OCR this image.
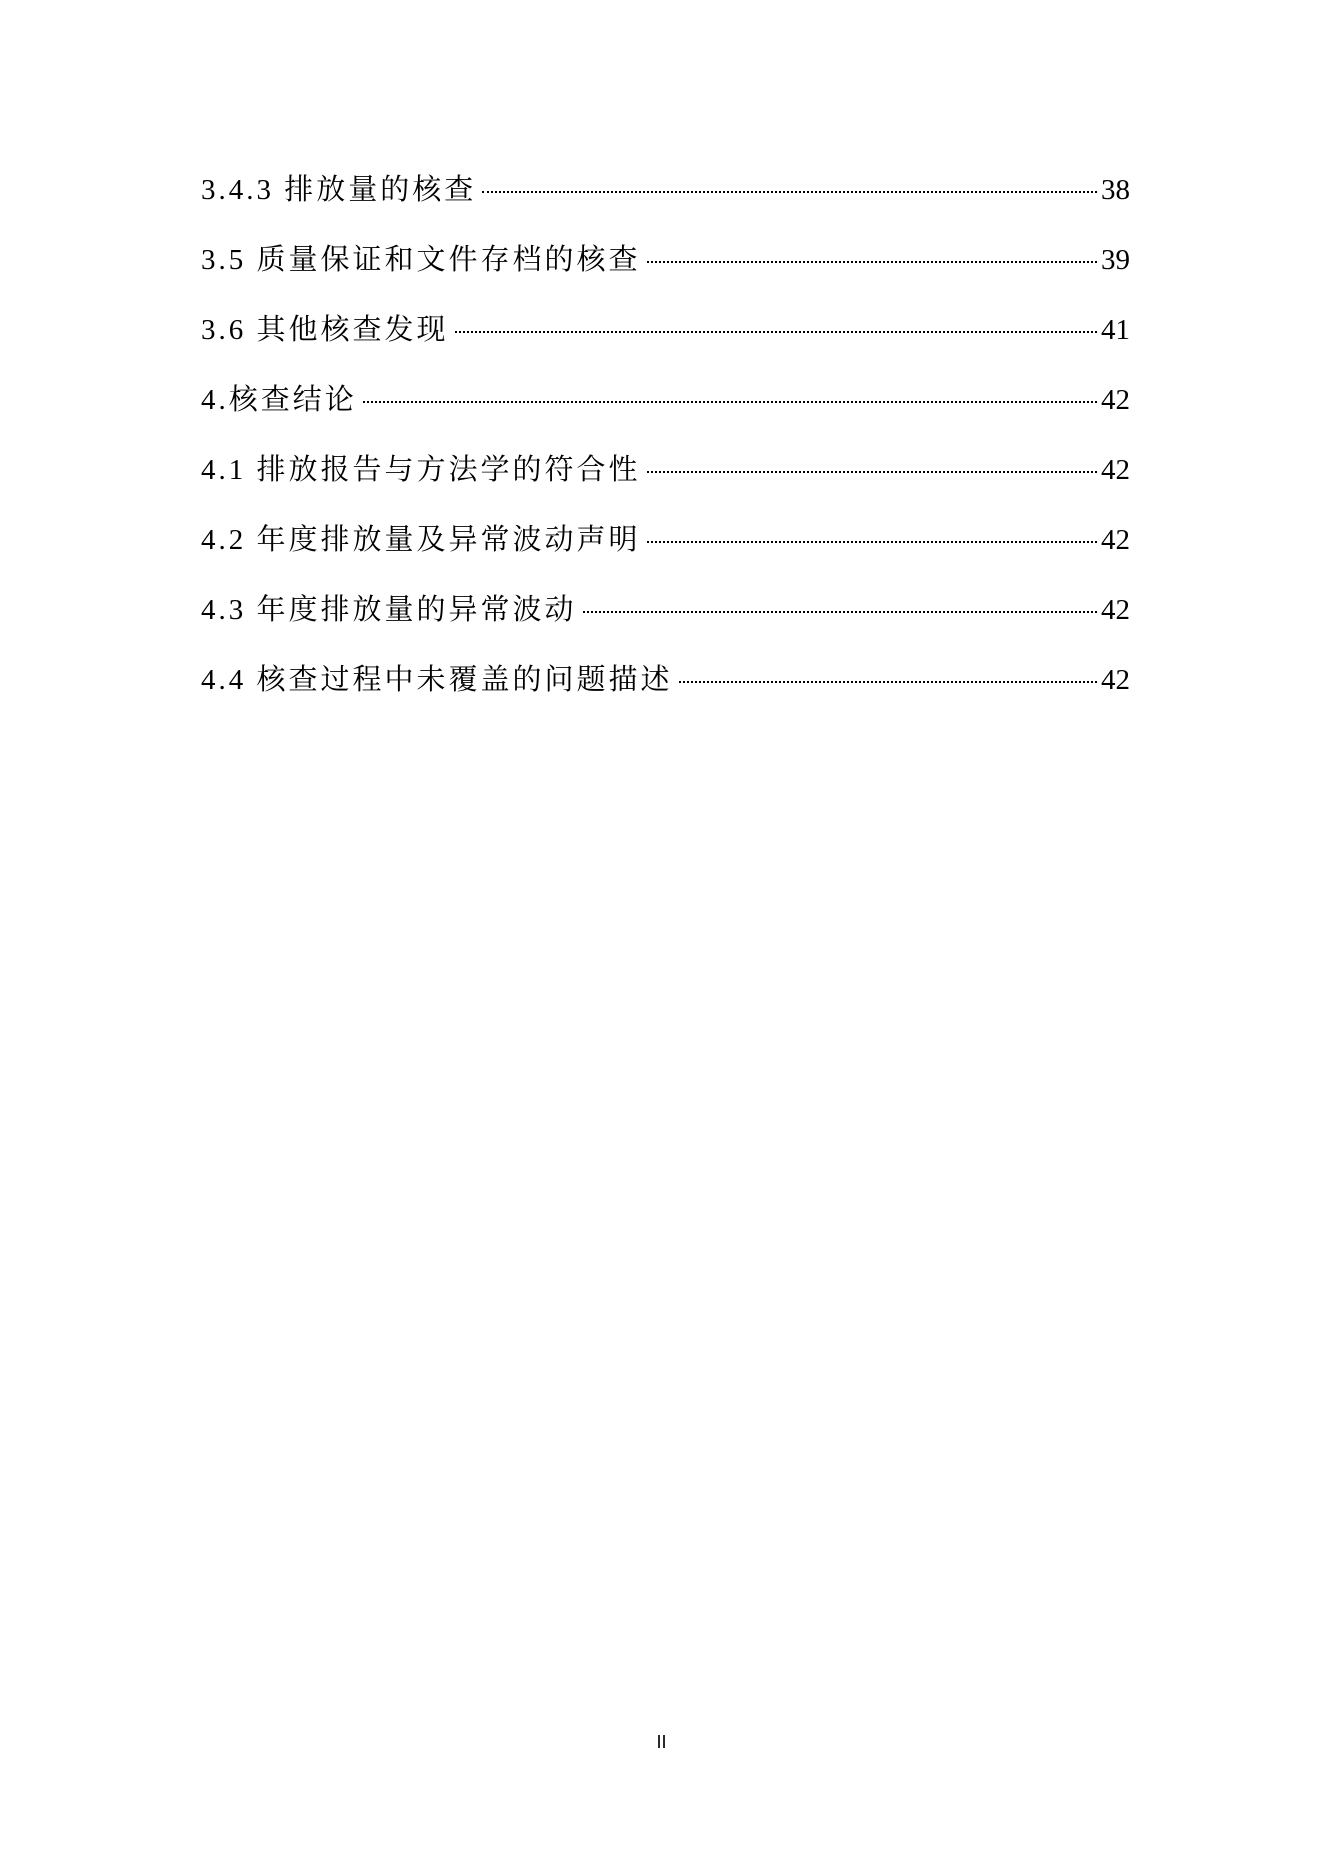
3.4.3 排放量的核查	38
3.5 质量保证和文件存档的核查	39
3.6 其他核查发现	41
4.核查结论	42
4.1 排放报告与方法学的符合性	42
4.2 年度排放量及异常波动声明	42
4.3 年度排放量的异常波动	42
4.4 核查过程中未覆盖的问题描述	42
II
